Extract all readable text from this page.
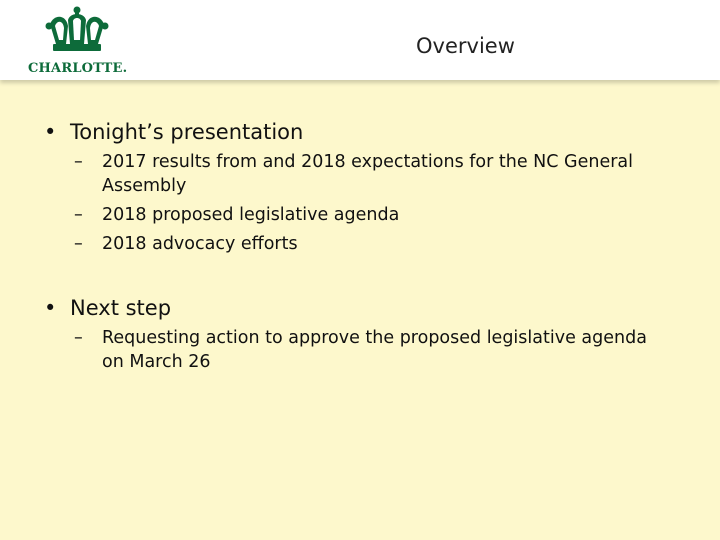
CHARLOTTE.
Overview
• Tonight’s presentation
– 2017 results from and 2018 expectations for the NC General Assembly
– 2018 proposed legislative agenda
– 2018 advocacy efforts
• Next step
– Requesting action to approve the proposed legislative agenda on March 26
